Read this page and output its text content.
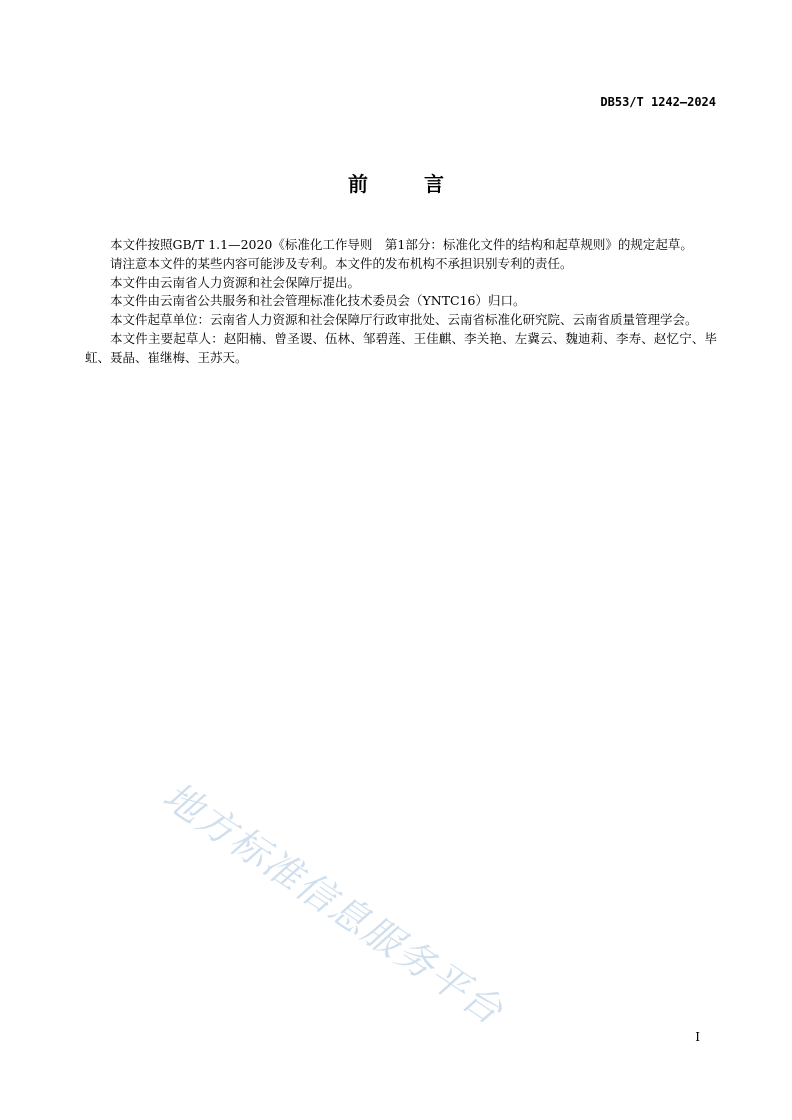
DB53/T 1242—2024
前　言

本文件按照GB/T 1.1—2020《标准化工作导则　第1部分：标准化文件的结构和起草规则》的规定起草。

请注意本文件的某些内容可能涉及专利。本文件的发布机构不承担识别专利的责任。

本文件由云南省人力资源和社会保障厅提出。

本文件由云南省公共服务和社会管理标准化技术委员会（YNTC16）归口。

本文件起草单位：云南省人力资源和社会保障厅行政审批处、云南省标准化研究院、云南省质量管理学会。

本文件主要起草人：赵阳楠、曾圣谡、伍林、邹碧莲、王佳麒、李关艳、左冀云、魏迪莉、李寿、赵忆宁、毕虹、聂晶、崔继梅、王苏天。

地方标准信息服务平台
I
